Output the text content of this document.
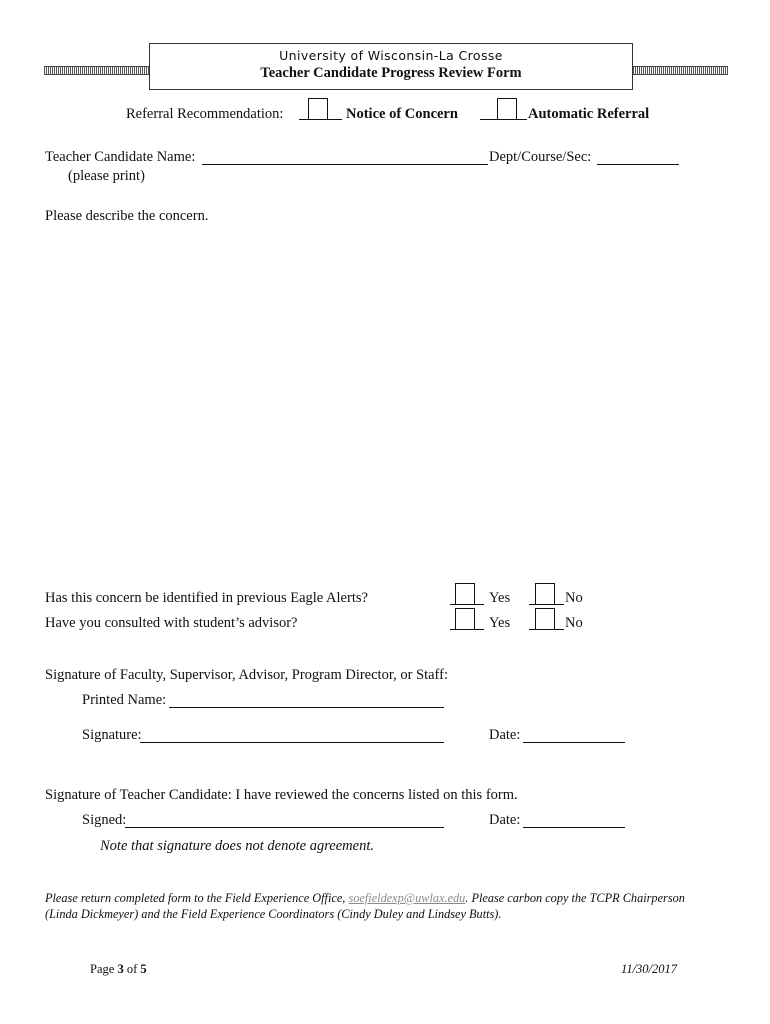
University of Wisconsin-La Crosse
Teacher Candidate Progress Review Form
Referral Recommendation:	Notice of Concern	Automatic Referral
Teacher Candidate Name:	Dept/Course/Sec:
(please print)
Please describe the concern.
Has this concern be identified in previous Eagle Alerts?	Yes	No
Have you consulted with student’s advisor?	Yes	No
Signature of Faculty, Supervisor, Advisor, Program Director, or Staff:
Printed Name:
Signature:	Date:
Signature of Teacher Candidate: I have reviewed the concerns listed on this form.
Signed:	Date:
Note that signature does not denote agreement.
Please return completed form to the Field Experience Office, soefieldexp@uwlax.edu. Please carbon copy the TCPR Chairperson
(Linda Dickmeyer) and the Field Experience Coordinators (Cindy Duley and Lindsey Butts).
Page 3 of 5	11/30/2017
